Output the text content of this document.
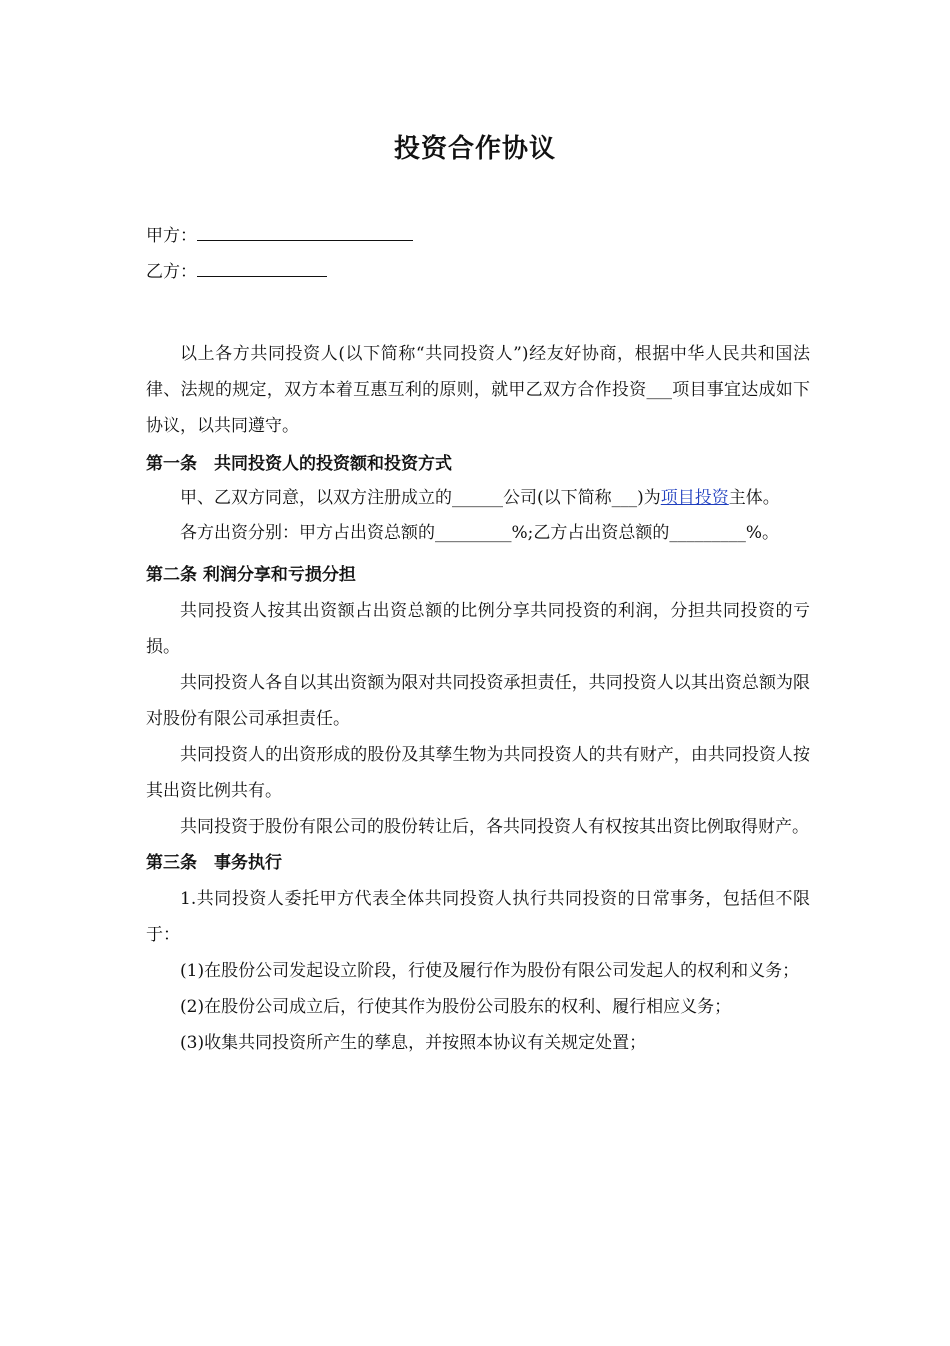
投资合作协议
甲方：
乙方：

以上各方共同投资人(以下简称“共同投资人”)经友好协商，根据中华人民共和国法律、法规的规定，双方本着互惠互利的原则，就甲乙双方合作投资___项目事宜达成如下协议，以共同遵守。

第一条　共同投资人的投资额和投资方式

甲、乙双方同意，以双方注册成立的______公司(以下简称___)为项目投资主体。

各方出资分别：甲方占出资总额的_________%;乙方占出资总额的_________%。

第二条 利润分享和亏损分担

共同投资人按其出资额占出资总额的比例分享共同投资的利润，分担共同投资的亏损。

共同投资人各自以其出资额为限对共同投资承担责任，共同投资人以其出资总额为限对股份有限公司承担责任。

共同投资人的出资形成的股份及其孳生物为共同投资人的共有财产，由共同投资人按其出资比例共有。

共同投资于股份有限公司的股份转让后，各共同投资人有权按其出资比例取得财产。

第三条　事务执行

1.共同投资人委托甲方代表全体共同投资人执行共同投资的日常事务，包括但不限于：

(1)在股份公司发起设立阶段，行使及履行作为股份有限公司发起人的权利和义务；

(2)在股份公司成立后，行使其作为股份公司股东的权利、履行相应义务；

(3)收集共同投资所产生的孳息，并按照本协议有关规定处置；
